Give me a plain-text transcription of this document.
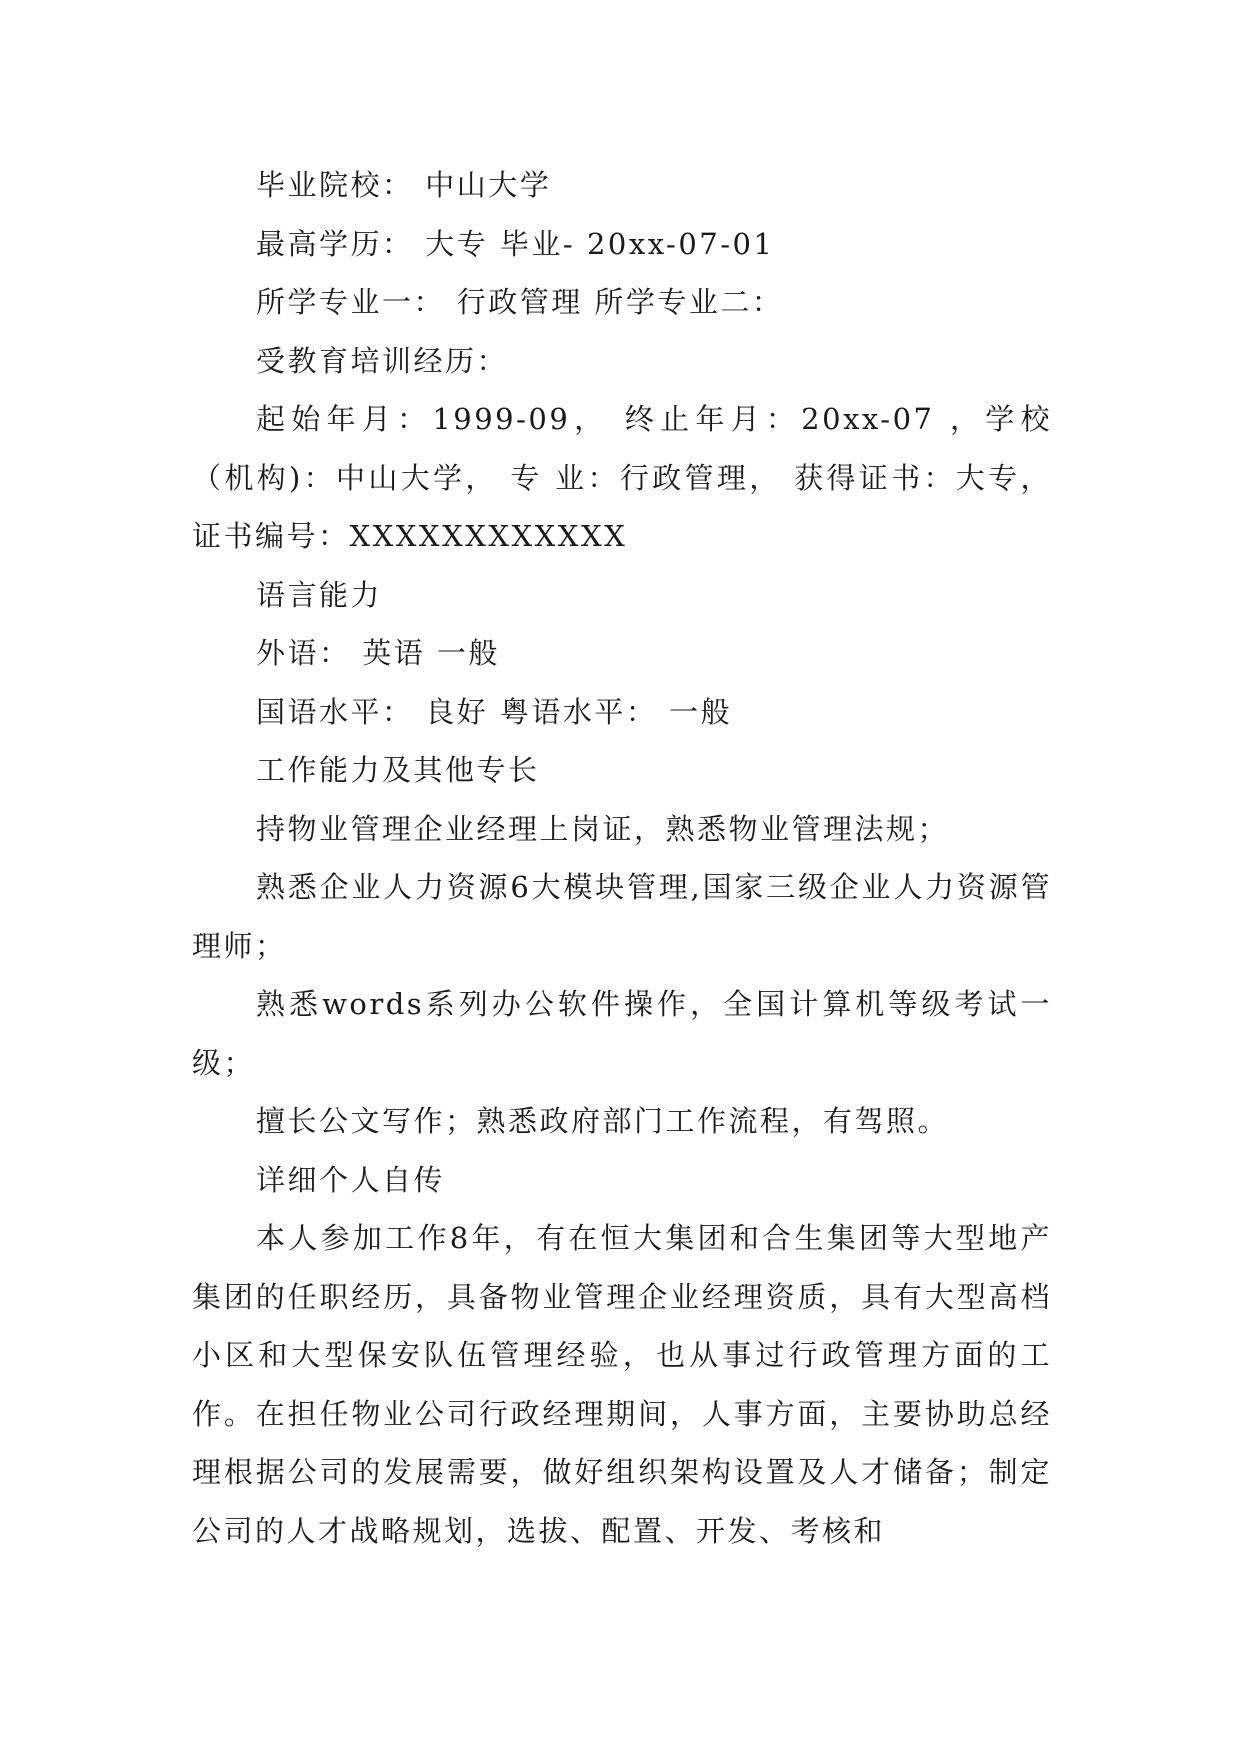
毕业院校： 中山大学

最高学历： 大专 毕业- 20xx-07-01

所学专业一： 行政管理 所学专业二：

受教育培训经历：

起始年月：1999-09， 终止年月：20xx-07 ，学校（机构)：中山大学， 专 业：行政管理， 获得证书：大专，证书编号：XXXXXXXXXXXX

语言能力

外语： 英语 一般

国语水平： 良好 粤语水平： 一般

工作能力及其他专长

持物业管理企业经理上岗证，熟悉物业管理法规；

熟悉企业人力资源6大模块管理,国家三级企业人力资源管理师；

熟悉words系列办公软件操作，全国计算机等级考试一级；

擅长公文写作；熟悉政府部门工作流程，有驾照。

详细个人自传

本人参加工作8年，有在恒大集团和合生集团等大型地产集团的任职经历，具备物业管理企业经理资质，具有大型高档小区和大型保安队伍管理经验，也从事过行政管理方面的工作。在担任物业公司行政经理期间，人事方面，主要协助总经理根据公司的发展需要，做好组织架构设置及人才储备；制定公司的人才战略规划，选拔、配置、开发、考核和
